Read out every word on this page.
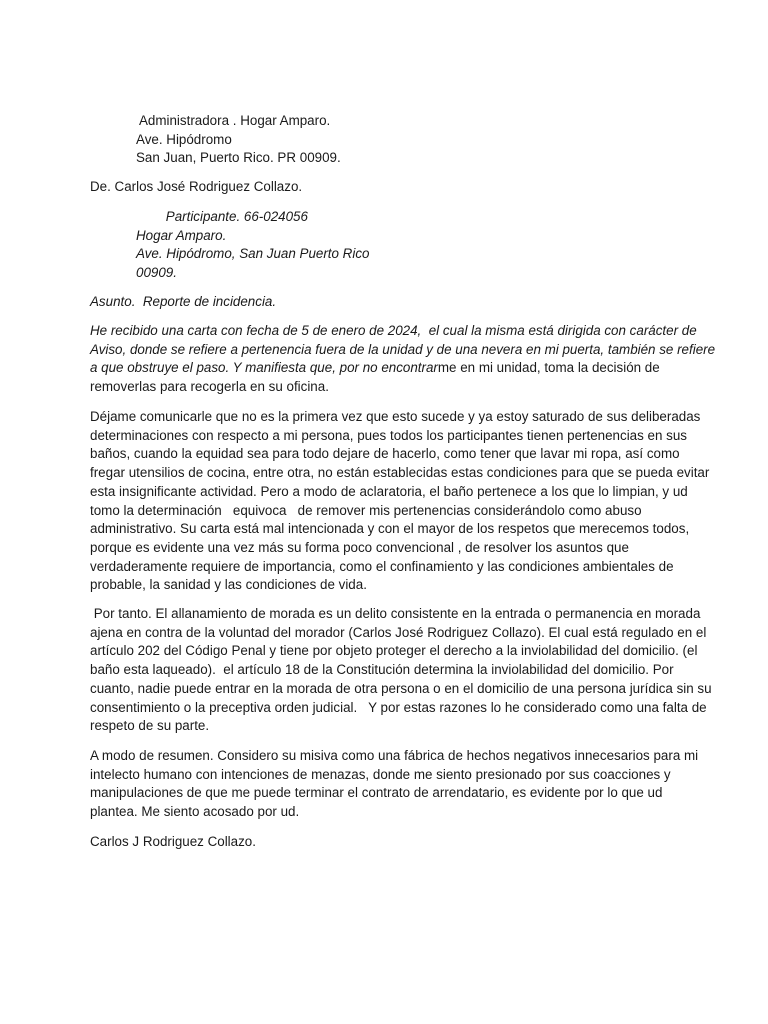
Administradora . Hogar Amparo.
Ave. Hipódromo
San Juan, Puerto Rico. PR 00909.
De. Carlos José Rodriguez Collazo.
Participante. 66-024056
Hogar Amparo.
Ave. Hipódromo, San Juan Puerto Rico
00909.
Asunto.  Reporte de incidencia.
He recibido una carta con fecha de 5 de enero de 2024,  el cual la misma está dirigida con carácter de
Aviso, donde se refiere a pertenencia fuera de la unidad y de una nevera en mi puerta, también se refiere
a que obstruye el paso. Y manifiesta que, por no encontrarme en mi unidad, toma la decisión de
removerlas para recogerla en su oficina.
Déjame comunicarle que no es la primera vez que esto sucede y ya estoy saturado de sus deliberadas
determinaciones con respecto a mi persona, pues todos los participantes tienen pertenencias en sus
baños, cuando la equidad sea para todo dejare de hacerlo, como tener que lavar mi ropa, así como
fregar utensilios de cocina, entre otra, no están establecidas estas condiciones para que se pueda evitar
esta insignificante actividad. Pero a modo de aclaratoria, el baño pertenece a los que lo limpian, y ud
tomo la determinación   equivoca   de remover mis pertenencias considerándolo como abuso
administrativo. Su carta está mal intencionada y con el mayor de los respetos que merecemos todos,
porque es evidente una vez más su forma poco convencional , de resolver los asuntos que
verdaderamente requiere de importancia, como el confinamiento y las condiciones ambientales de
probable, la sanidad y las condiciones de vida.
Por tanto. El allanamiento de morada es un delito consistente en la entrada o permanencia en morada
ajena en contra de la voluntad del morador (Carlos José Rodriguez Collazo). El cual está regulado en el
artículo 202 del Código Penal y tiene por objeto proteger el derecho a la inviolabilidad del domicilio. (el
baño esta laqueado).  el artículo 18 de la Constitución determina la inviolabilidad del domicilio. Por
cuanto, nadie puede entrar en la morada de otra persona o en el domicilio de una persona jurídica sin su
consentimiento o la preceptiva orden judicial.   Y por estas razones lo he considerado como una falta de
respeto de su parte.
A modo de resumen. Considero su misiva como una fábrica de hechos negativos innecesarios para mi
intelecto humano con intenciones de menazas, donde me siento presionado por sus coacciones y
manipulaciones de que me puede terminar el contrato de arrendatario, es evidente por lo que ud
plantea. Me siento acosado por ud.
Carlos J Rodriguez Collazo.
